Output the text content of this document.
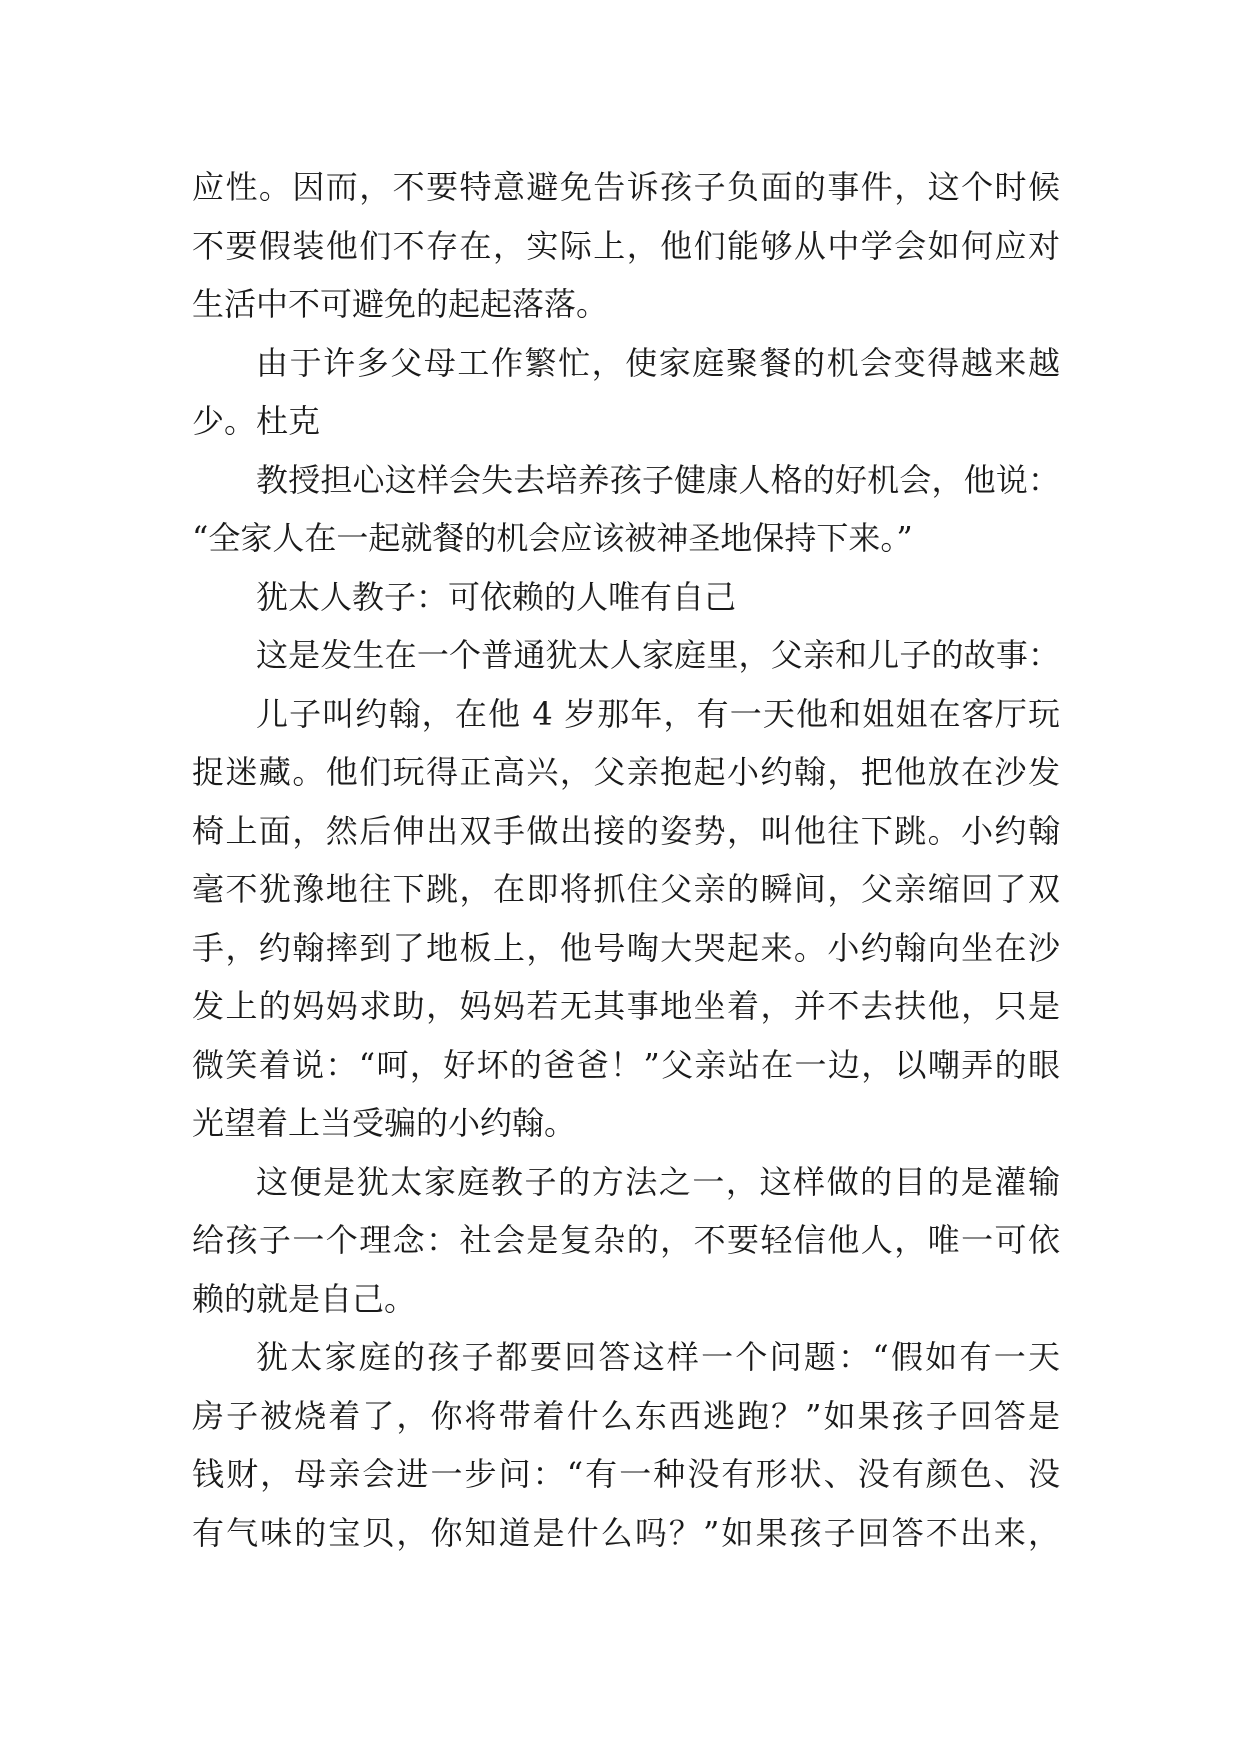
应性。因而，不要特意避免告诉孩子负面的事件，这个时候
不要假装他们不存在，实际上，他们能够从中学会如何应对
生活中不可避免的起起落落。
由于许多父母工作繁忙，使家庭聚餐的机会变得越来越
少。杜克
教授担心这样会失去培养孩子健康人格的好机会，他说：
“全家人在一起就餐的机会应该被神圣地保持下来。”
犹太人教子：可依赖的人唯有自己
这是发生在一个普通犹太人家庭里，父亲和儿子的故事：
儿子叫约翰，在他 4 岁那年，有一天他和姐姐在客厅玩
捉迷藏。他们玩得正高兴，父亲抱起小约翰，把他放在沙发
椅上面，然后伸出双手做出接的姿势，叫他往下跳。小约翰
毫不犹豫地往下跳，在即将抓住父亲的瞬间，父亲缩回了双
手，约翰摔到了地板上，他号啕大哭起来。小约翰向坐在沙
发上的妈妈求助，妈妈若无其事地坐着，并不去扶他，只是
微笑着说：“呵，好坏的爸爸！”父亲站在一边，以嘲弄的眼
光望着上当受骗的小约翰。
这便是犹太家庭教子的方法之一，这样做的目的是灌输
给孩子一个理念：社会是复杂的，不要轻信他人，唯一可依
赖的就是自己。
犹太家庭的孩子都要回答这样一个问题：“假如有一天
房子被烧着了，你将带着什么东西逃跑？”如果孩子回答是
钱财，母亲会进一步问：“有一种没有形状、没有颜色、没
有气味的宝贝，你知道是什么吗？”如果孩子回答不出来，
